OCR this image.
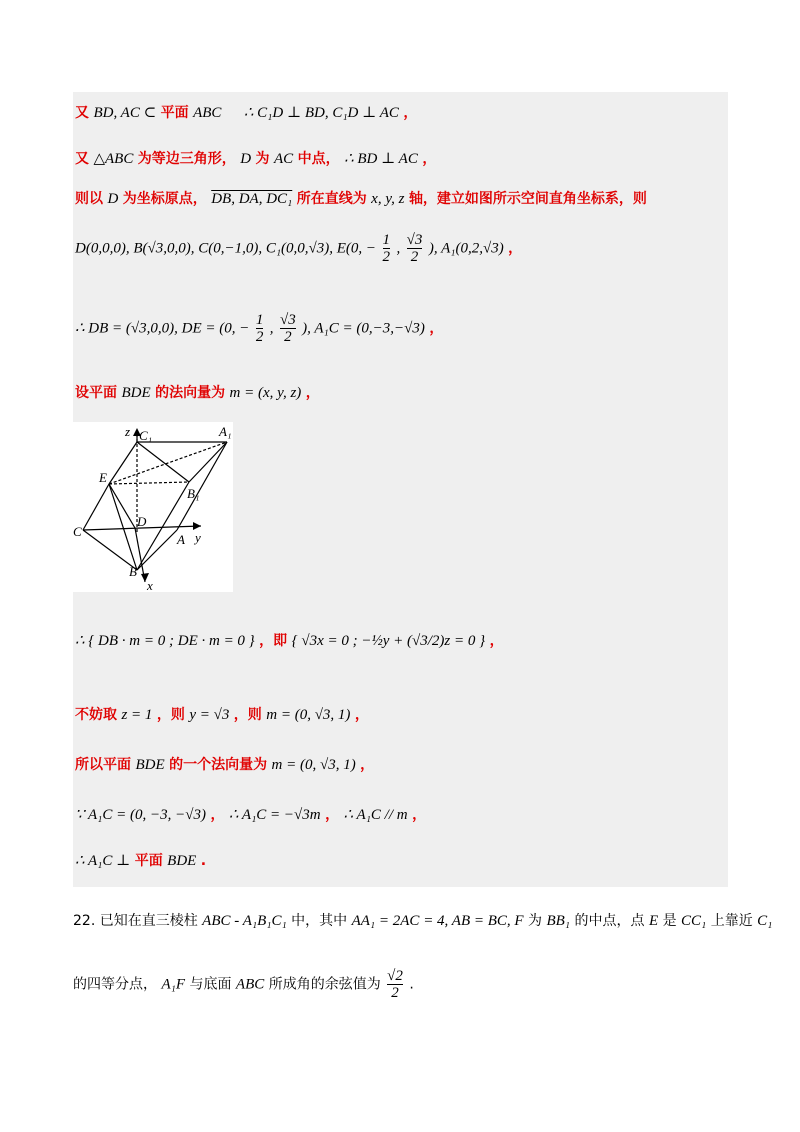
又 BD, AC ⊂ 平面 ABC ∴ C₁D ⊥ BD, C₁D ⊥ AC ，
又 △ABC 为等边三角形， D 为 AC 中点， ∴ BD ⊥ AC ，
则以 D 为坐标原点， DB, DA, DC₁ 所在直线为 x, y, z 轴，建立如图所示空间直角坐标系，则
D(0,0,0), B(√3,0,0), C(0,−1,0), C₁(0,0,√3), E(0, − $\frac{1}{2}$ , $\frac{√3}{2}$ ), A₁(0,2,√3) ，
∴ DB = (√3,0,0), DE = (0, − $\frac{1}{2}$ , $\frac{√3}{2}$ ), A₁C = (0,−3,−√3) ，
设平面 BDE 的法向量为 m = (x, y, z) ，
z C₁	A₁
E
B₁
C
D
A y
B
x
∴ { DB · m = 0 ; DE · m = 0 } ，即 { √3x = 0 ; −½y + (√3/2)z = 0 } ，
不妨取 z = 1 ，则 y = √3 ，则 m = (0, √3, 1) ，
所以平面 BDE 的一个法向量为 m = (0, √3, 1) ，
∵ A₁C = (0, −3, −√3) ， ∴ A₁C = −√3m ， ∴ A₁C // m ，
∴ A₁C ⊥ 平面 BDE .
22. 已知在直三棱柱 ABC - A₁B₁C₁ 中，其中 AA₁ = 2AC = 4, AB = BC, F 为 BB₁ 的中点，点 E 是 CC₁ 上靠近 C₁
的四等分点， A₁F 与底面 ABC 所成角的余弦值为 $\frac{√2}{2}$ .
